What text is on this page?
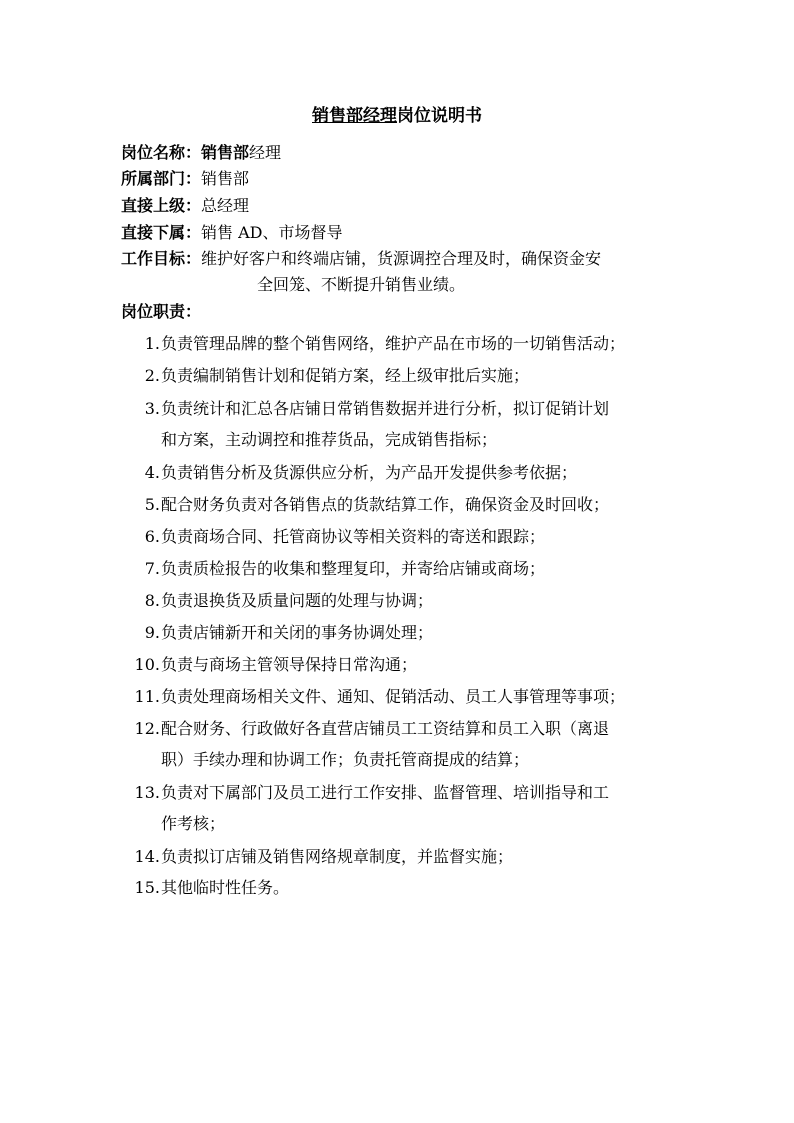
销售部经理岗位说明书
岗位名称：销售部经理
所属部门：销售部
直接上级：总经理
直接下属：销售 AD、市场督导
工作目标：维护好客户和终端店铺，货源调控合理及时，确保资金安
全回笼、不断提升销售业绩。
岗位职责：
1. 负责管理品牌的整个销售网络，维护产品在市场的一切销售活动；
2. 负责编制销售计划和促销方案，经上级审批后实施；
3. 负责统计和汇总各店铺日常销售数据并进行分析，拟订促销计划
和方案，主动调控和推荐货品，完成销售指标；
4. 负责销售分析及货源供应分析，为产品开发提供参考依据；
5. 配合财务负责对各销售点的货款结算工作，确保资金及时回收；
6. 负责商场合同、托管商协议等相关资料的寄送和跟踪；
7. 负责质检报告的收集和整理复印，并寄给店铺或商场；
8. 负责退换货及质量问题的处理与协调；
9. 负责店铺新开和关闭的事务协调处理；
10. 负责与商场主管领导保持日常沟通；
11. 负责处理商场相关文件、通知、促销活动、员工人事管理等事项；
12. 配合财务、行政做好各直营店铺员工工资结算和员工入职（离退
职）手续办理和协调工作；负责托管商提成的结算；
13. 负责对下属部门及员工进行工作安排、监督管理、培训指导和工
作考核；
14. 负责拟订店铺及销售网络规章制度，并监督实施；
15. 其他临时性任务。
